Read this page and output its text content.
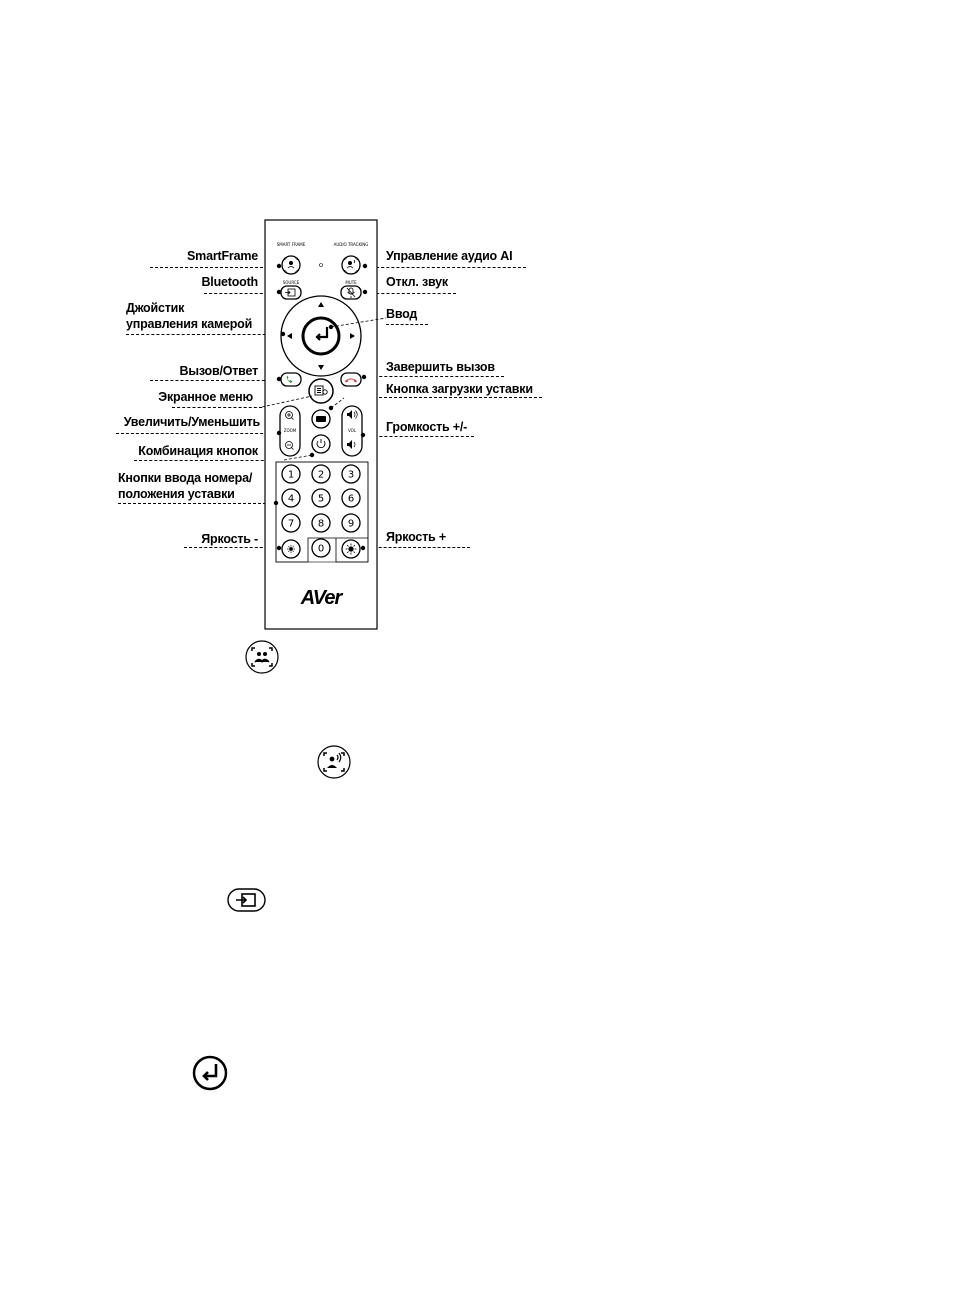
SmartFrame
Bluetooth
Джойстик
управления камерой
Вызов/Ответ
Экранное меню
Увеличить/Уменьшить
Комбинация кнопок
Кнопки ввода номера/
положения уставки
Яркость -
Управление аудио AI
Откл. звук
Ввод
Завершить вызов
Кнопка загрузки уставки
Громкость +/-
Яркость +
SMART FRAME	AUDIO TRACKING
SOURCE	MUTE
ZOOM	VOL
1 2 3
4 5 6
7 8 9
0
AVer
